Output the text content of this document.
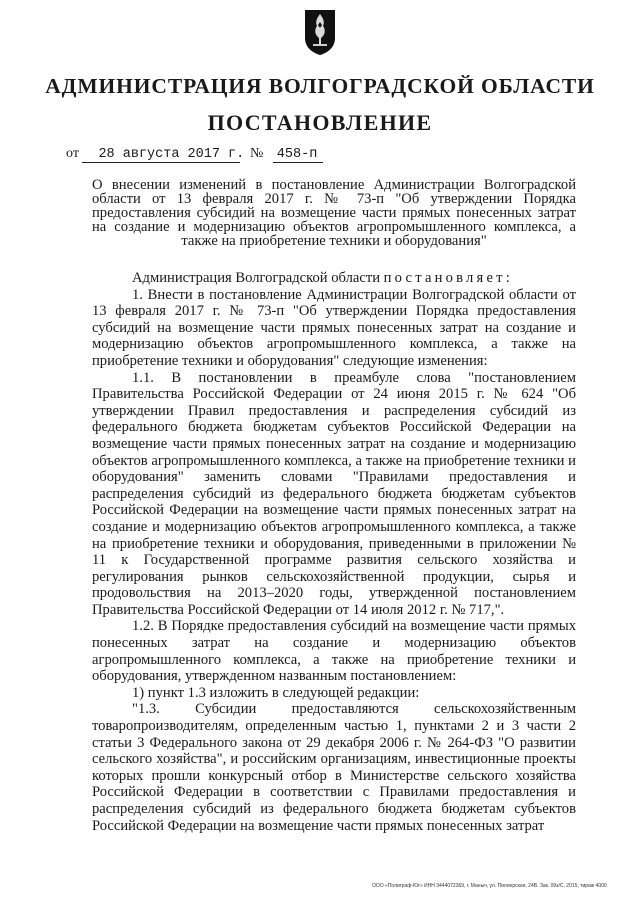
АДМИНИСТРАЦИЯ ВОЛГОГРАДСКОЙ ОБЛАСТИ
ПОСТАНОВЛЕНИЕ
от 28 августа 2017 г. № 458-п
О внесении изменений в постановление Администрации Волгоградской области от 13 февраля 2017 г. № 73-п "Об утверждении Порядка предоставления субсидий на возмещение части прямых понесенных затрат на создание и модернизацию объектов агропромышленного комплекса, а также на приобретение техники и оборудования"

Администрация Волгоградской области постановляет:

1. Внести в постановление Администрации Волгоградской области от 13 февраля 2017 г. № 73-п "Об утверждении Порядка предоставления субсидий на возмещение части прямых понесенных затрат на создание и модернизацию объектов агропромышленного комплекса, а также на приобретение техники и оборудования" следующие изменения:

1.1. В постановлении в преамбуле слова "постановлением Правительства Российской Федерации от 24 июня 2015 г. № 624 "Об утверждении Правил предоставления и распределения субсидий из федерального бюджета бюджетам субъектов Российской Федерации на возмещение части прямых понесенных затрат на создание и модернизацию объектов агропромышленного комплекса, а также на приобретение техники и оборудования" заменить словами "Правилами предоставления и распределения субсидий из федерального бюджета бюджетам субъектов Российской Федерации на возмещение части прямых понесенных затрат на создание и модернизацию объектов агропромышленного комплекса, а также на приобретение техники и оборудования, приведенными в приложении № 11 к Государственной программе развития сельского хозяйства и регулирования рынков сельскохозяйственной продукции, сырья и продовольствия на 2013–2020 годы, утвержденной постановлением Правительства Российской Федерации от 14 июля 2012 г. № 717,".

1.2. В Порядке предоставления субсидий на возмещение части прямых понесенных затрат на создание и модернизацию объектов агропромышленного комплекса, а также на приобретение техники и оборудования, утвержденном названным постановлением:

1) пункт 1.3 изложить в следующей редакции:

"1.3. Субсидии предоставляются сельскохозяйственным товаропроизводителям, определенным частью 1, пунктами 2 и 3 части 2 статьи 3 Федерального закона от 29 декабря 2006 г. № 264-ФЗ "О развитии сельского хозяйства", и российским организациям, инвестиционные проекты которых прошли конкурсный отбор в Министерстве сельского хозяйства Российской Федерации в соответствии с Правилами предоставления и распределения субсидий из федерального бюджета бюджетам субъектов Российской Федерации на возмещение части прямых понесенных затрат

ООО «Полиграф-Юг» ИНН 3444072369, г. Маныч, ул. Пионерская, 24В. Зак. 09з/С, 2015, тираж 4000
